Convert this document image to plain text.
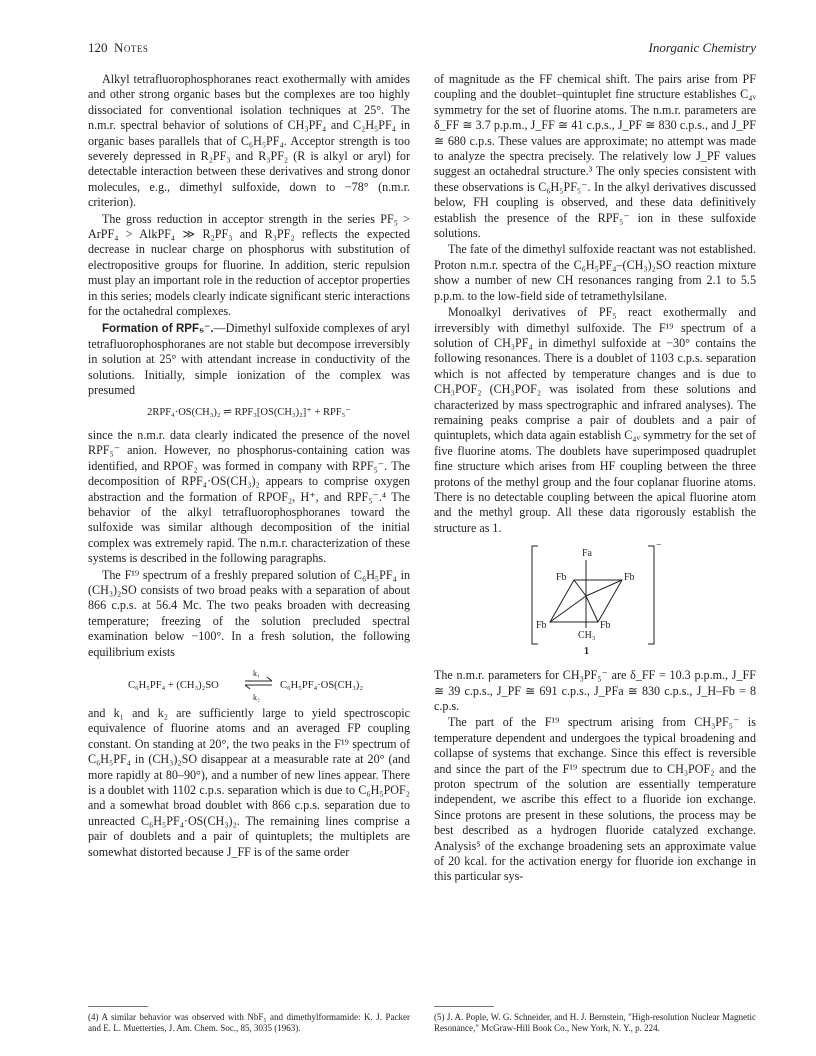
120 Notes	Inorganic Chemistry

Alkyl tetrafluorophosphoranes react exothermally with amides and other strong organic bases but the complexes are too highly dissociated for conventional isolation techniques at 25°. The n.m.r. spectral behavior of solutions of CH₃PF₄ and C₂H₅PF₄ in organic bases parallels that of C₆H₅PF₄. Acceptor strength is too severely depressed in R₂PF₃ and R₃PF₂ (R is alkyl or aryl) for detectable interaction between these derivatives and strong donor molecules, e.g., dimethyl sulfoxide, down to −78° (n.m.r. criterion).

The gross reduction in acceptor strength in the series PF₅ > ArPF₄ > AlkPF₄ ≫ R₂PF₃ and R₃PF₂ reflects the expected decrease in nuclear charge on phosphorus with substitution of electropositive groups for fluorine. In addition, steric repulsion must play an important role in the reduction of acceptor properties in this series; models clearly indicate significant steric interactions for the octahedral complexes.

Formation of RPF₅⁻.—Dimethyl sulfoxide complexes of aryl tetrafluorophosphoranes are not stable but decompose irreversibly in solution at 25° with attendant increase in conductivity of the solutions. Initially, simple ionization of the complex was presumed

2RPF₄·OS(CH₃)₂ ⇌ RPF₃[OS(CH₃)₂]⁺ + RPF₅⁻

since the n.m.r. data clearly indicated the presence of the novel RPF₅⁻ anion. However, no phosphorus-containing cation was identified, and RPOF₂ was formed in company with RPF₅⁻. The decomposition of RPF₄·OS(CH₃)₂ appears to comprise oxygen abstraction and the formation of RPOF₂, H⁺, and RPF₅⁻.⁴ The behavior of the alkyl tetrafluorophosphoranes toward the sulfoxide was similar although decomposition of the initial complex was extremely rapid. The n.m.r. characterization of these systems is described in the following paragraphs.

The F¹⁹ spectrum of a freshly prepared solution of C₆H₅PF₄ in (CH₃)₂SO consists of two broad peaks with a separation of about 866 c.p.s. at 56.4 Mc. The two peaks broaden with decreasing temperature; freezing of the solution precluded spectral examination below −100°. In a fresh solution, the following equilibrium exists

C₆H₅PF₄ + (CH₃)₂SO
k₁
k₂
C₆H₅PF₄·OS(CH₃)₂

and k₁ and k₂ are sufficiently large to yield spectroscopic equivalence of fluorine atoms and an averaged FP coupling constant. On standing at 20°, the two peaks in the F¹⁹ spectrum of C₆H₅PF₄ in (CH₃)₂SO disappear at a measurable rate at 20° (and more rapidly at 80–90°), and a number of new lines appear. There is a doublet with 1102 c.p.s. separation which is due to C₆H₅POF₂ and a somewhat broad doublet with 866 c.p.s. separation due to unreacted C₆H₅PF₄·OS(CH₃)₂. The remaining lines comprise a pair of doublets and a pair of quintuplets; the multiplets are somewhat distorted because J_FF is of the same order

of magnitude as the FF chemical shift. The pairs arise from PF coupling and the doublet–quintuplet fine structure establishes C₄ᵥ symmetry for the set of fluorine atoms. The n.m.r. parameters are δ_FF ≅ 3.7 p.p.m., J_FF ≅ 41 c.p.s., J_PF ≅ 830 c.p.s., and J_PF ≅ 680 c.p.s. These values are approximate; no attempt was made to analyze the spectra precisely. The relatively low J_PF values suggest an octahedral structure.³ The only species consistent with these observations is C₆H₅PF₅⁻. In the alkyl derivatives discussed below, FH coupling is observed, and these data definitively establish the presence of the RPF₅⁻ ion in these sulfoxide solutions.

The fate of the dimethyl sulfoxide reactant was not established. Proton n.m.r. spectra of the C₆H₅PF₄–(CH₃)₂SO reaction mixture show a number of new CH resonances ranging from 2.1 to 5.5 p.p.m. to the low-field side of tetramethylsilane.

Monoalkyl derivatives of PF₅ react exothermally and irreversibly with dimethyl sulfoxide. The F¹⁹ spectrum of a solution of CH₃PF₄ in dimethyl sulfoxide at −30° contains the following resonances. There is a doublet of 1103 c.p.s. separation which is not affected by temperature changes and is due to CH₃POF₂ (CH₃POF₂ was isolated from these solutions and characterized by mass spectrographic and infrared analyses). The remaining peaks comprise a pair of doublets and a pair of quintuplets, which data again establish C₄ᵥ symmetry for the set of five fluorine atoms. The doublets have superimposed quadruplet fine structure which arises from HF coupling between the three protons of the methyl group and the four coplanar fluorine atoms. There is no detectable coupling between the apical fluorine atom and the methyl group. All these data rigorously establish the structure as 1.

Fa
Fb	Fb
Fb	Fb
CH₃
−
1

The n.m.r. parameters for CH₃PF₅⁻ are δ_FF = 10.3 p.p.m., J_FF ≅ 39 c.p.s., J_PF ≅ 691 c.p.s., J_PFa ≅ 830 c.p.s., J_H–Fb = 8 c.p.s.

The part of the F¹⁹ spectrum arising from CH₃PF₅⁻ is temperature dependent and undergoes the typical broadening and collapse of systems that exchange. Since this effect is reversible and since the part of the F¹⁹ spectrum due to CH₃POF₂ and the proton spectrum of the solution are essentially temperature independent, we ascribe this effect to a fluoride ion exchange. Since protons are present in these solutions, the process may be best described as a hydrogen fluoride catalyzed exchange. Analysis⁵ of the exchange broadening sets an approximate value of 20 kcal. for the activation energy for fluoride ion exchange in this particular sys-

(4) A similar behavior was observed with NbF₅ and dimethylformamide: K. J. Packer and E. L. Muetterties, J. Am. Chem. Soc., 85, 3035 (1963).
(5) J. A. Pople, W. G. Schneider, and H. J. Bernstein, "High-resolution Nuclear Magnetic Resonance," McGraw-Hill Book Co., New York, N. Y., p. 224.
